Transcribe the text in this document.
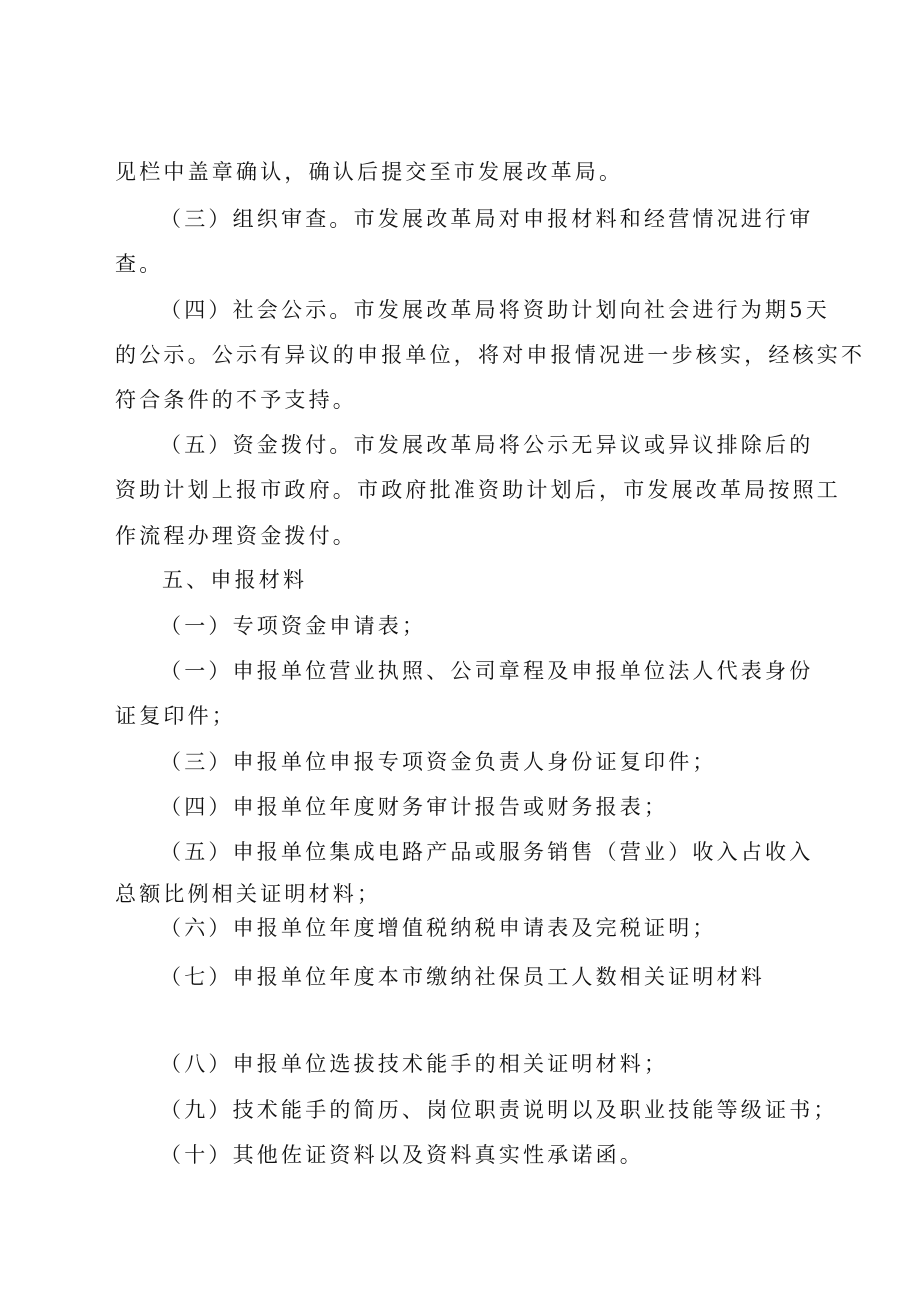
见栏中盖章确认，确认后提交至市发展改革局。
（三）组织审查。市发展改革局对申报材料和经营情况进行审
查。
（四）社会公示。市发展改革局将资助计划向社会进行为期5天
的公示。公示有异议的申报单位，将对申报情况进一步核实，经核实不
符合条件的不予支持。
（五）资金拨付。市发展改革局将公示无异议或异议排除后的
资助计划上报市政府。市政府批准资助计划后，市发展改革局按照工
作流程办理资金拨付。
五、申报材料
（一）专项资金申请表；
（一）申报单位营业执照、公司章程及申报单位法人代表身份
证复印件；
（三）申报单位申报专项资金负责人身份证复印件；
（四）申报单位年度财务审计报告或财务报表；
（五）申报单位集成电路产品或服务销售（营业）收入占收入
总额比例相关证明材料；
（六）申报单位年度增值税纳税申请表及完税证明；
（七）申报单位年度本市缴纳社保员工人数相关证明材料
（八）申报单位选拔技术能手的相关证明材料；
（九）技术能手的简历、岗位职责说明以及职业技能等级证书；
（十）其他佐证资料以及资料真实性承诺函。
